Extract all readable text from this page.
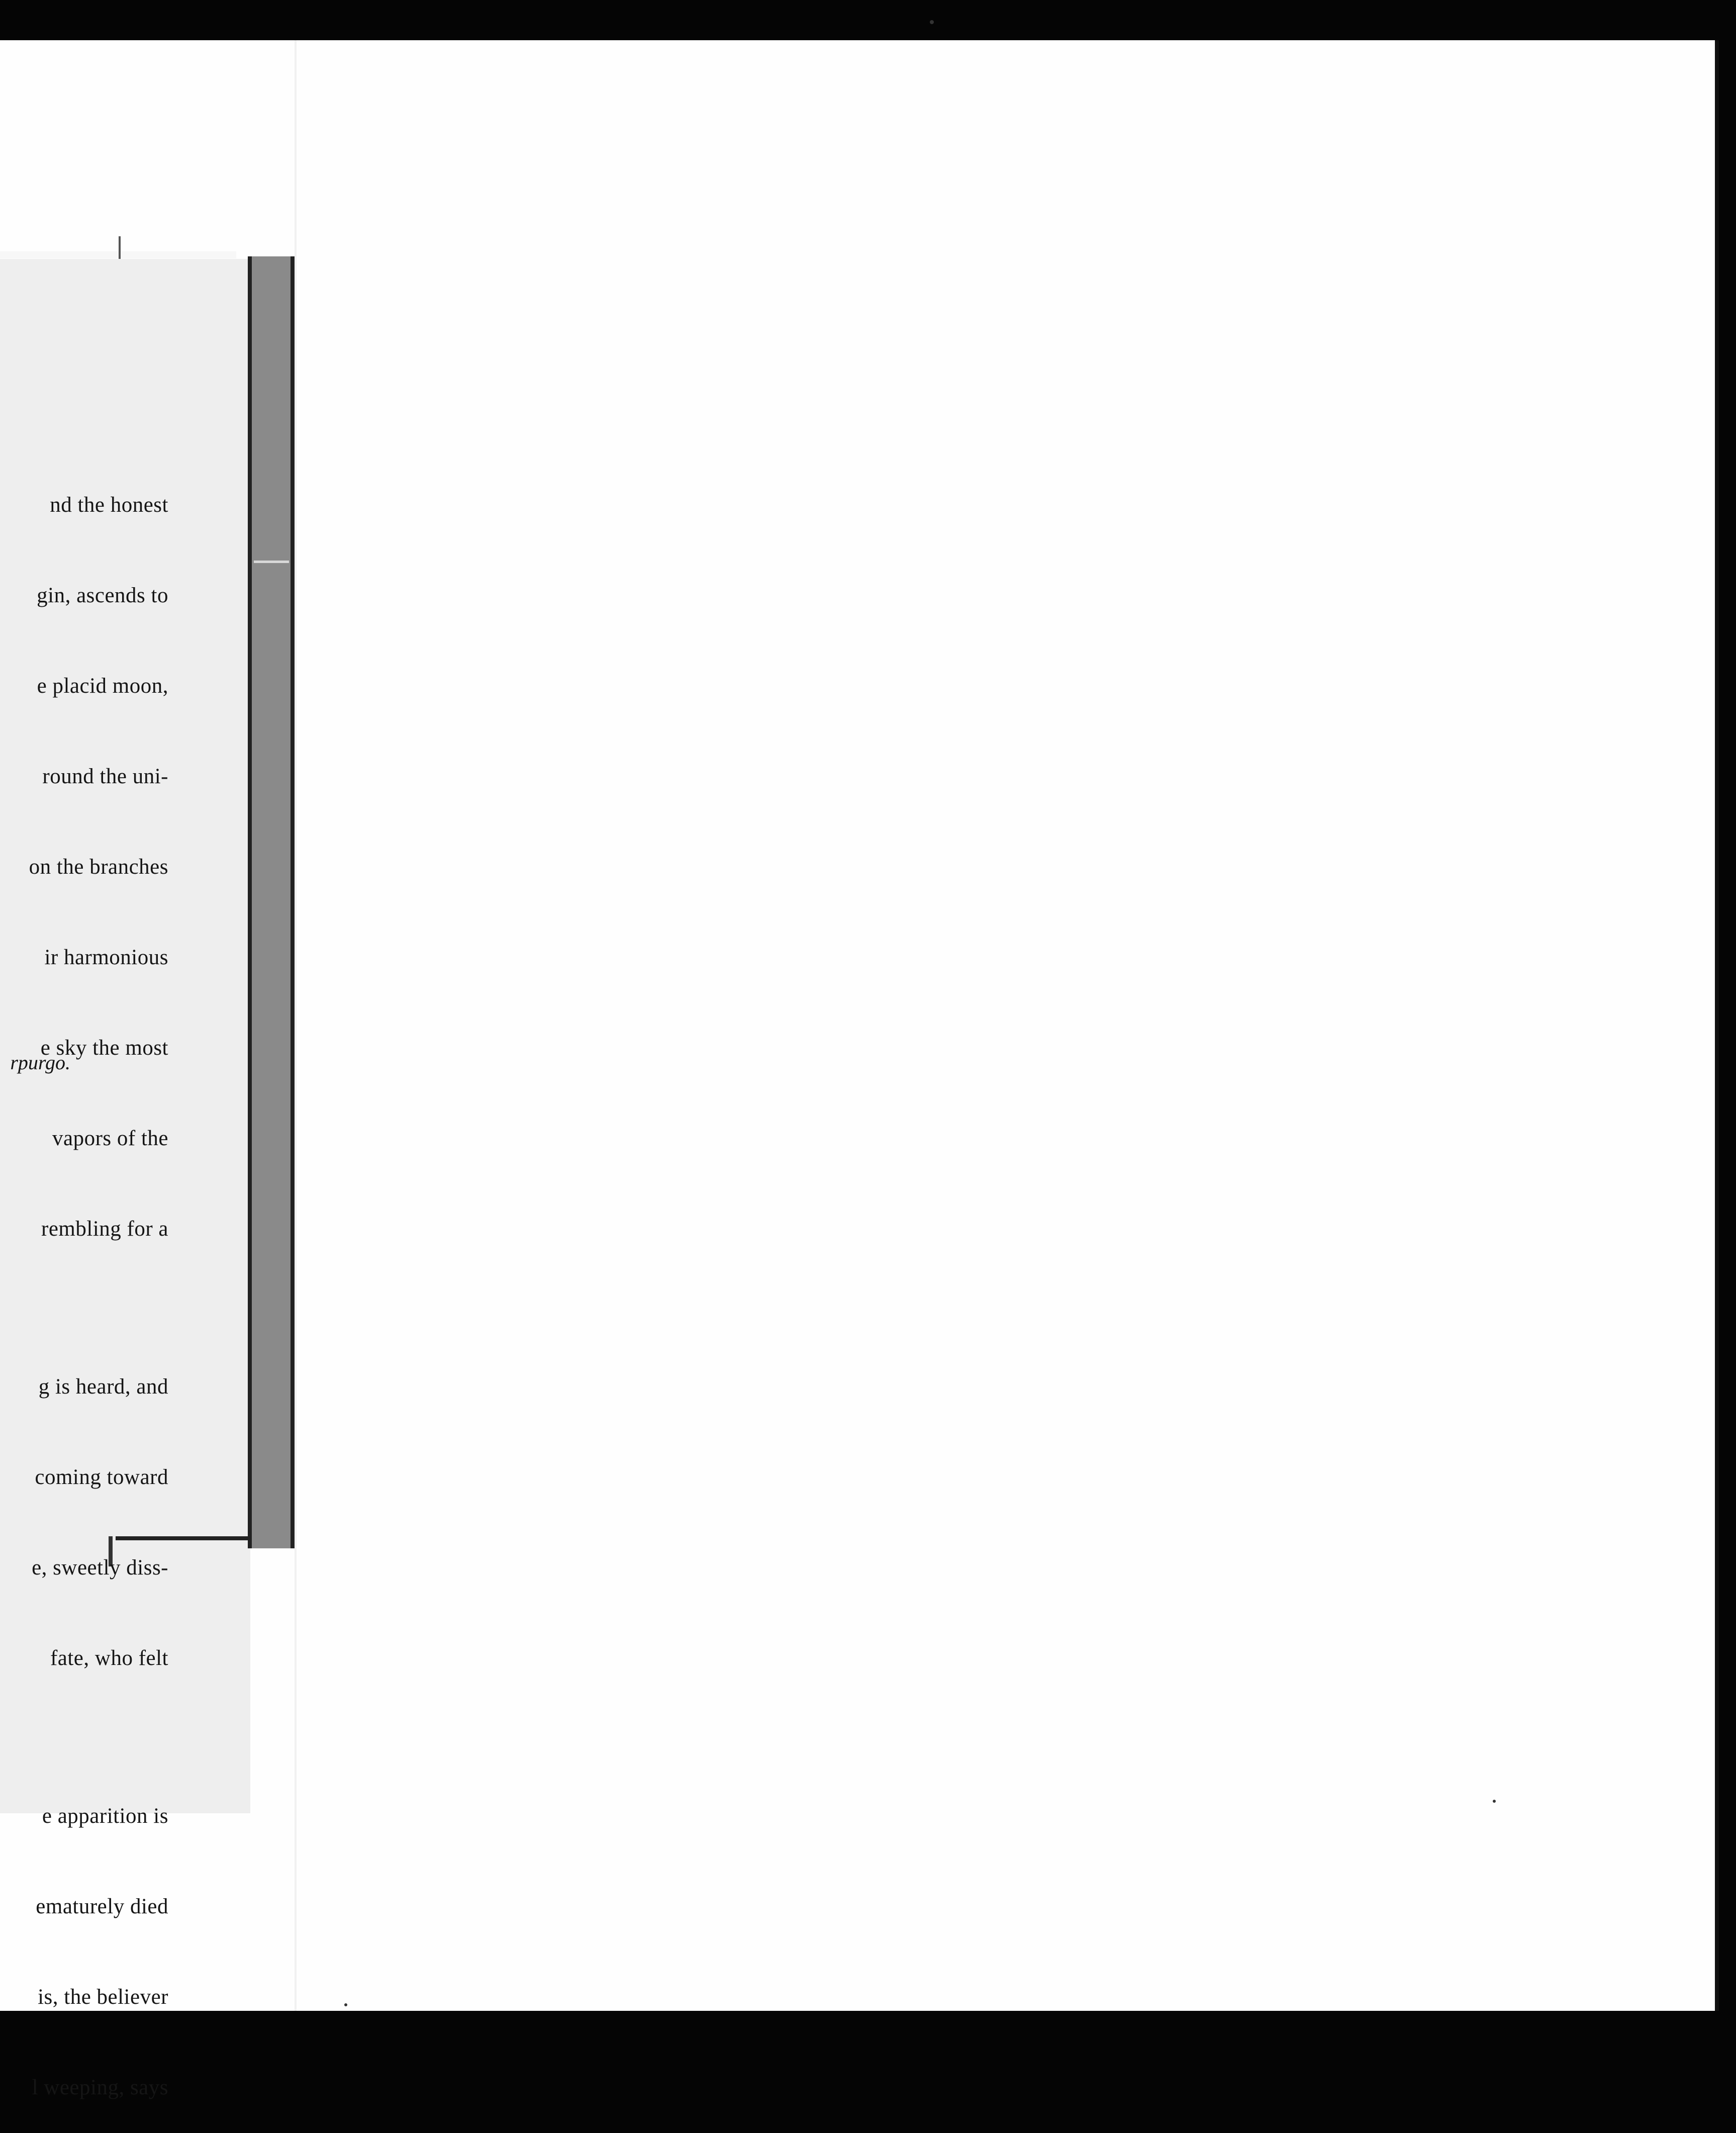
nd the honest

gin, ascends to

e placid moon,

round the uni-

on the branches

ir harmonious

e sky the most

vapors of the

rembling for a

g is heard, and

coming toward

e, sweetly diss-

fate, who felt

e apparition is

ematurely died

is, the believer

l weeping, says

rpurgo.
